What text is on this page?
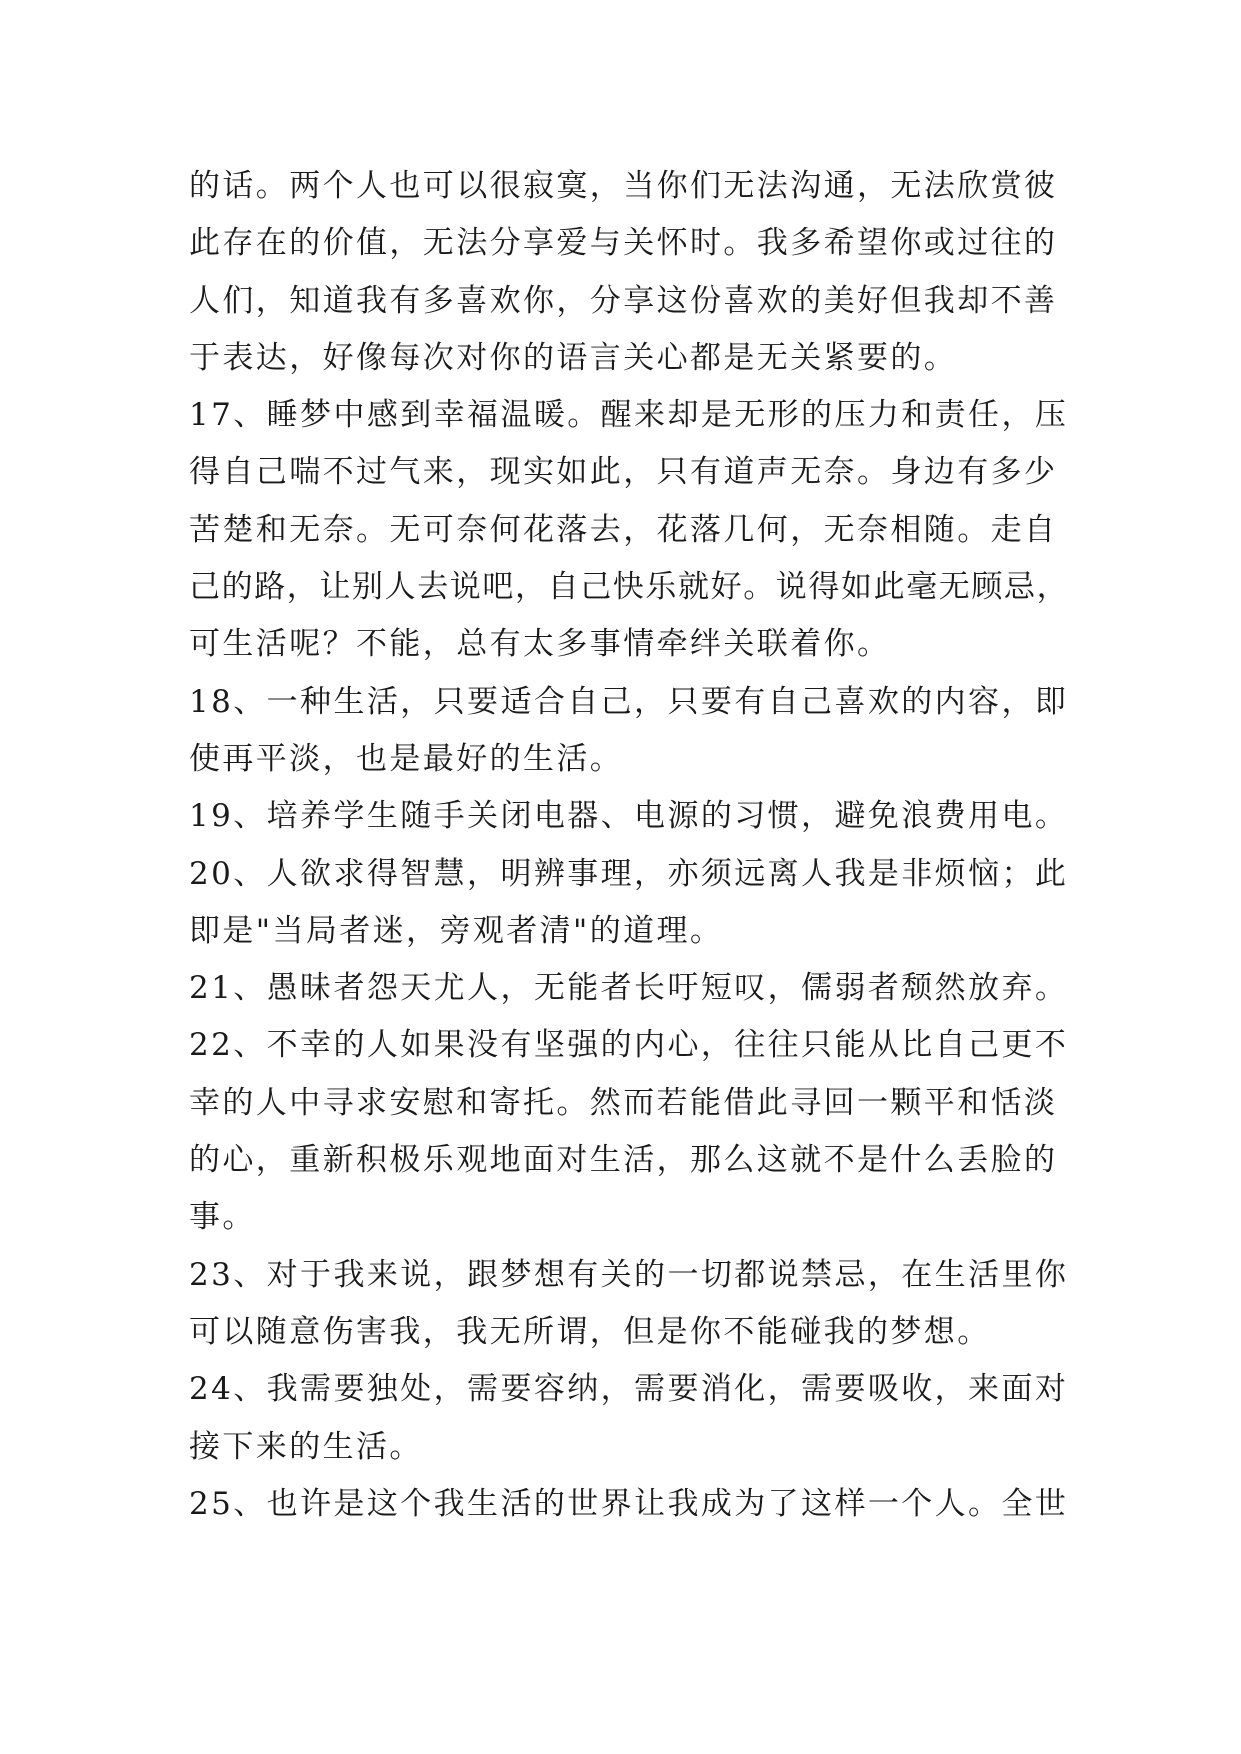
的话。两个人也可以很寂寞，当你们无法沟通，无法欣赏彼
此存在的价值，无法分享爱与关怀时。我多希望你或过往的
人们，知道我有多喜欢你，分享这份喜欢的美好但我却不善
于表达，好像每次对你的语言关心都是无关紧要的。
17、睡梦中感到幸福温暖。醒来却是无形的压力和责任，压
得自己喘不过气来，现实如此，只有道声无奈。身边有多少
苦楚和无奈。无可奈何花落去，花落几何，无奈相随。走自
己的路，让别人去说吧，自己快乐就好。说得如此毫无顾忌，
可生活呢？不能，总有太多事情牵绊关联着你。
18、一种生活，只要适合自己，只要有自己喜欢的内容，即
使再平淡，也是最好的生活。
19、培养学生随手关闭电器、电源的习惯，避免浪费用电。
20、人欲求得智慧，明辨事理，亦须远离人我是非烦恼；此
即是"当局者迷，旁观者清"的道理。
21、愚昧者怨天尤人，无能者长吁短叹，儒弱者颓然放弃。
22、不幸的人如果没有坚强的内心，往往只能从比自己更不
幸的人中寻求安慰和寄托。然而若能借此寻回一颗平和恬淡
的心，重新积极乐观地面对生活，那么这就不是什么丢脸的
事。
23、对于我来说，跟梦想有关的一切都说禁忌，在生活里你
可以随意伤害我，我无所谓，但是你不能碰我的梦想。
24、我需要独处，需要容纳，需要消化，需要吸收，来面对
接下来的生活。
25、也许是这个我生活的世界让我成为了这样一个人。全世
